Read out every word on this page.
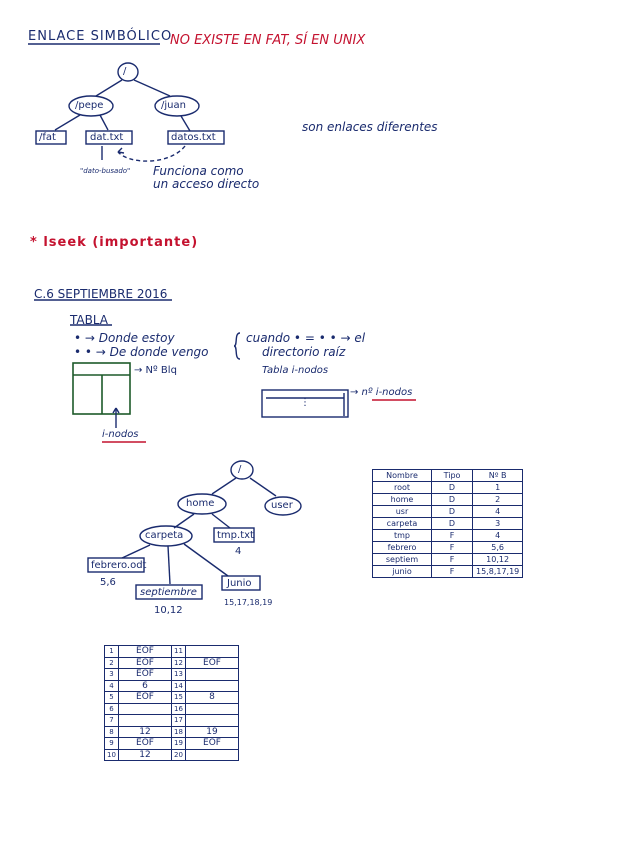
ENLACE SIMBÓLICO
NO EXISTE EN FAT, SÍ EN UNIX
/
/pepe	/juan
/fat	dat.txt	datos.txt
"dato-busado" Funciona como
un acceso directo
son enlaces diferentes
* lseek (importante)
C.6 SEPTIEMBRE 2016
TABLA
• → Donde estoy
• • → De donde vengo
cuando • = • • → el
directorio raíz
→ Nº Blq
i-nodos
Tabla i-nodos
→ nº i-nodos
⋮
/
home	user
carpeta	tmp.txt
4
febrero.odt
5,6
septiembre
10,12
Junio
15,17,18,19
Nombre	Tipo	Nº B
root	D	1
home	D	2
usr	D	4
carpeta	D	3
tmp	F	4
febrero	F	5,6
septiem	F	10,12
junio	F	15,8,17,19
1	EOF	11	
2	EOF	12	EOF
3	EOF	13	
4	6	14	
5	EOF	15	8
6		16	
7		17	
8	12	18	19
9	EOF	19	EOF
10	12	20	
